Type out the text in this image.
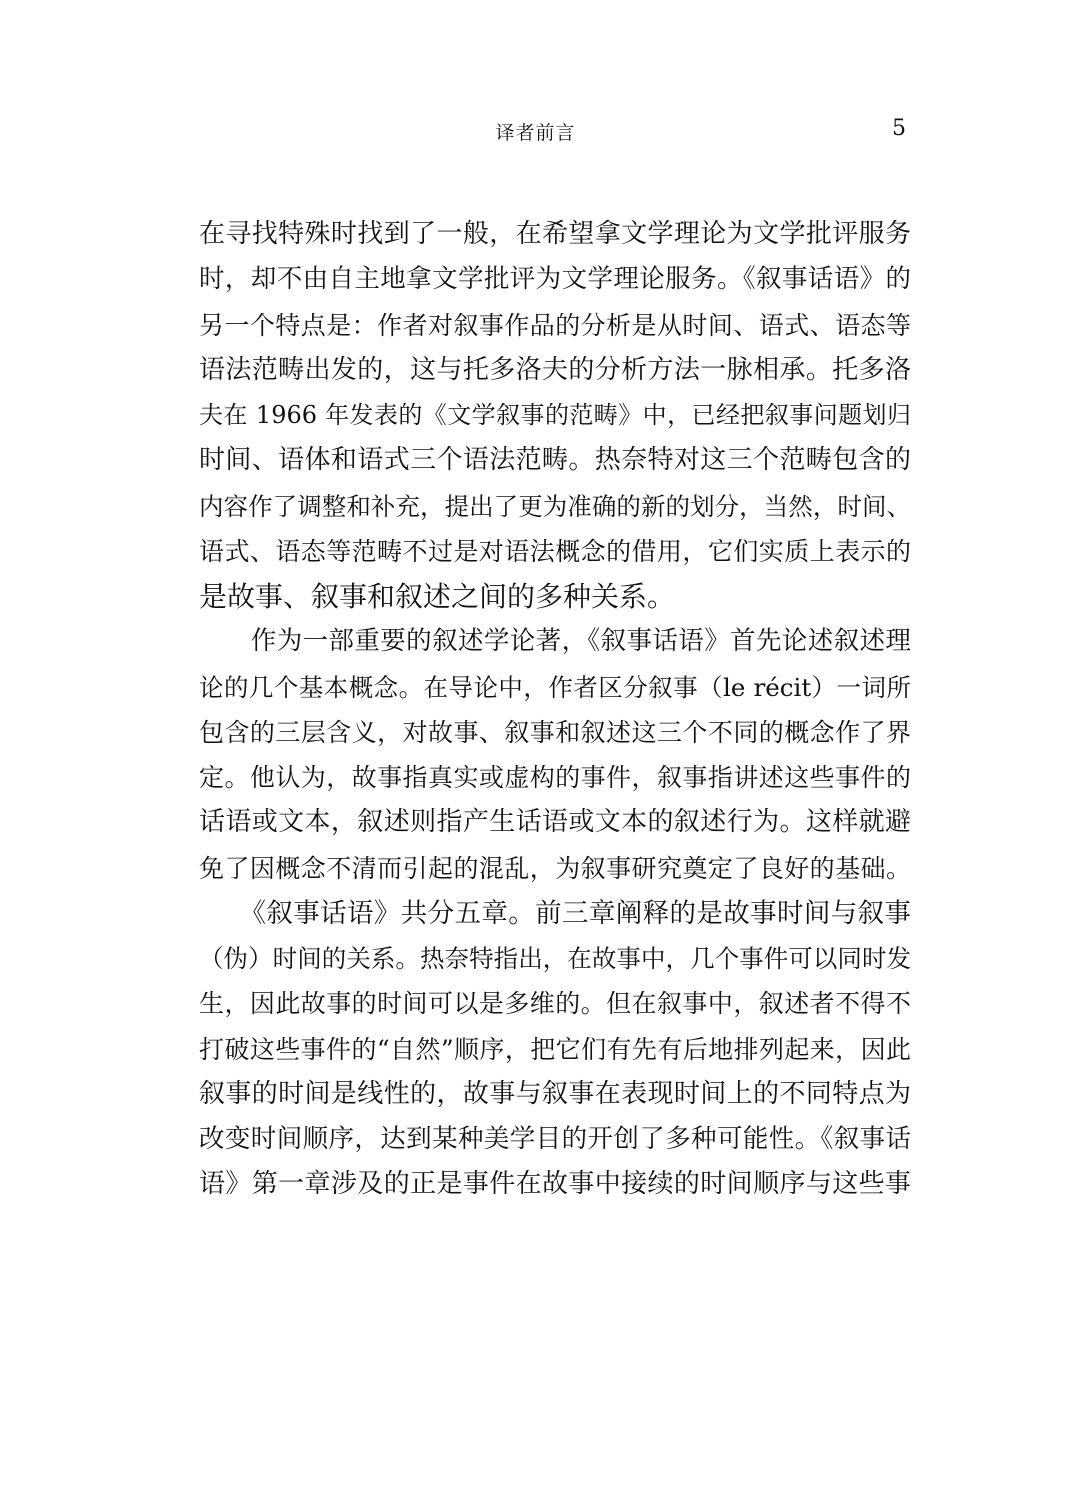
译者前言	5
在寻找特殊时找到了一般，在希望拿文学理论为文学批评服务
时，却不由自主地拿文学批评为文学理论服务。《叙事话语》的
另一个特点是：作者对叙事作品的分析是从时间、语式、语态等
语法范畴出发的，这与托多洛夫的分析方法一脉相承。托多洛
夫在 1966 年发表的《文学叙事的范畴》中，已经把叙事问题划归
时间、语体和语式三个语法范畴。热奈特对这三个范畴包含的
内容作了调整和补充，提出了更为准确的新的划分，当然，时间、
语式、语态等范畴不过是对语法概念的借用，它们实质上表示的
是故事、叙事和叙述之间的多种关系。
　　作为一部重要的叙述学论著，《叙事话语》首先论述叙述理
论的几个基本概念。在导论中，作者区分叙事（le récit）一词所
包含的三层含义，对故事、叙事和叙述这三个不同的概念作了界
定。他认为，故事指真实或虚构的事件，叙事指讲述这些事件的
话语或文本，叙述则指产生话语或文本的叙述行为。这样就避
免了因概念不清而引起的混乱，为叙事研究奠定了良好的基础。
　　《叙事话语》共分五章。前三章阐释的是故事时间与叙事
（伪）时间的关系。热奈特指出，在故事中，几个事件可以同时发
生，因此故事的时间可以是多维的。但在叙事中，叙述者不得不
打破这些事件的“自然”顺序，把它们有先有后地排列起来，因此
叙事的时间是线性的，故事与叙事在表现时间上的不同特点为
改变时间顺序，达到某种美学目的开创了多种可能性。《叙事话
语》第一章涉及的正是事件在故事中接续的时间顺序与这些事
